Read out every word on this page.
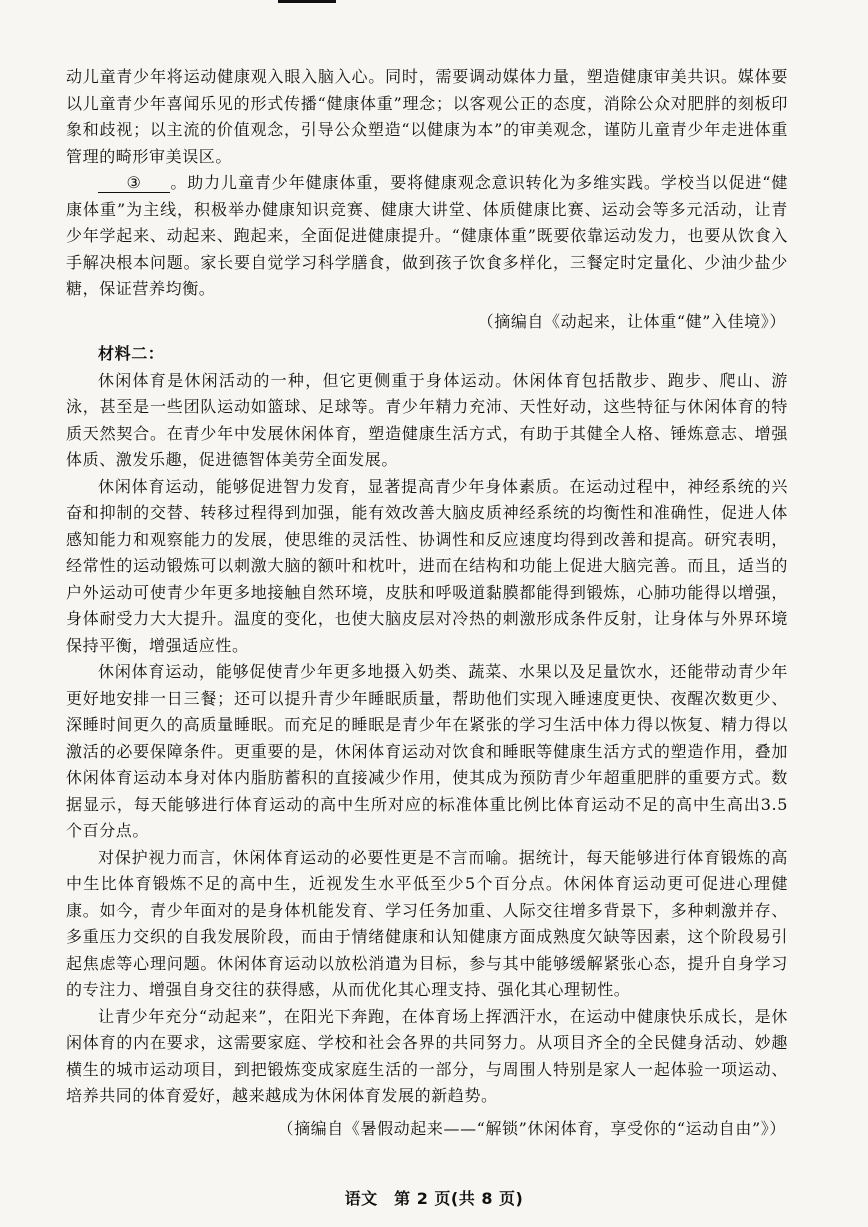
动儿童青少年将运动健康观入眼入脑入心。同时，需要调动媒体力量，塑造健康审美共识。媒体要以儿童青少年喜闻乐见的形式传播“健康体重”理念；以客观公正的态度，消除公众对肥胖的刻板印象和歧视；以主流的价值观念，引导公众塑造“以健康为本”的审美观念，谨防儿童青少年走进体重管理的畸形审美误区。

③ 。助力儿童青少年健康体重，要将健康观念意识转化为多维实践。学校当以促进“健康体重”为主线，积极举办健康知识竞赛、健康大讲堂、体质健康比赛、运动会等多元活动，让青少年学起来、动起来、跑起来，全面促进健康提升。“健康体重”既要依靠运动发力，也要从饮食入手解决根本问题。家长要自觉学习科学膳食，做到孩子饮食多样化，三餐定时定量化、少油少盐少糖，保证营养均衡。

（摘编自《动起来，让体重“健”入佳境》）

材料二：

休闲体育是休闲活动的一种，但它更侧重于身体运动。休闲体育包括散步、跑步、爬山、游泳，甚至是一些团队运动如篮球、足球等。青少年精力充沛、天性好动，这些特征与休闲体育的特质天然契合。在青少年中发展休闲体育，塑造健康生活方式，有助于其健全人格、锤炼意志、增强体质、激发乐趣，促进德智体美劳全面发展。

休闲体育运动，能够促进智力发育，显著提高青少年身体素质。在运动过程中，神经系统的兴奋和抑制的交替、转移过程得到加强，能有效改善大脑皮质神经系统的均衡性和准确性，促进人体感知能力和观察能力的发展，使思维的灵活性、协调性和反应速度均得到改善和提高。研究表明，经常性的运动锻炼可以刺激大脑的额叶和枕叶，进而在结构和功能上促进大脑完善。而且，适当的户外运动可使青少年更多地接触自然环境，皮肤和呼吸道黏膜都能得到锻炼，心肺功能得以增强，身体耐受力大大提升。温度的变化，也使大脑皮层对冷热的刺激形成条件反射，让身体与外界环境保持平衡，增强适应性。

休闲体育运动，能够促使青少年更多地摄入奶类、蔬菜、水果以及足量饮水，还能带动青少年更好地安排一日三餐；还可以提升青少年睡眠质量，帮助他们实现入睡速度更快、夜醒次数更少、深睡时间更久的高质量睡眠。而充足的睡眠是青少年在紧张的学习生活中体力得以恢复、精力得以激活的必要保障条件。更重要的是，休闲体育运动对饮食和睡眠等健康生活方式的塑造作用，叠加休闲体育运动本身对体内脂肪蓄积的直接减少作用，使其成为预防青少年超重肥胖的重要方式。数据显示，每天能够进行体育运动的高中生所对应的标准体重比例比体育运动不足的高中生高出3.5个百分点。

对保护视力而言，休闲体育运动的必要性更是不言而喻。据统计，每天能够进行体育锻炼的高中生比体育锻炼不足的高中生，近视发生水平低至少5个百分点。休闲体育运动更可促进心理健康。如今，青少年面对的是身体机能发育、学习任务加重、人际交往增多背景下，多种刺激并存、多重压力交织的自我发展阶段，而由于情绪健康和认知健康方面成熟度欠缺等因素，这个阶段易引起焦虑等心理问题。休闲体育运动以放松消遣为目标，参与其中能够缓解紧张心态，提升自身学习的专注力、增强自身交往的获得感，从而优化其心理支持、强化其心理韧性。

让青少年充分“动起来”，在阳光下奔跑，在体育场上挥洒汗水，在运动中健康快乐成长，是休闲体育的内在要求，这需要家庭、学校和社会各界的共同努力。从项目齐全的全民健身活动、妙趣横生的城市运动项目，到把锻炼变成家庭生活的一部分，与周围人特别是家人一起体验一项运动、培养共同的体育爱好，越来越成为休闲体育发展的新趋势。

（摘编自《暑假动起来——“解锁”休闲体育，享受你的“运动自由”》）

语文　第 2 页(共 8 页)
